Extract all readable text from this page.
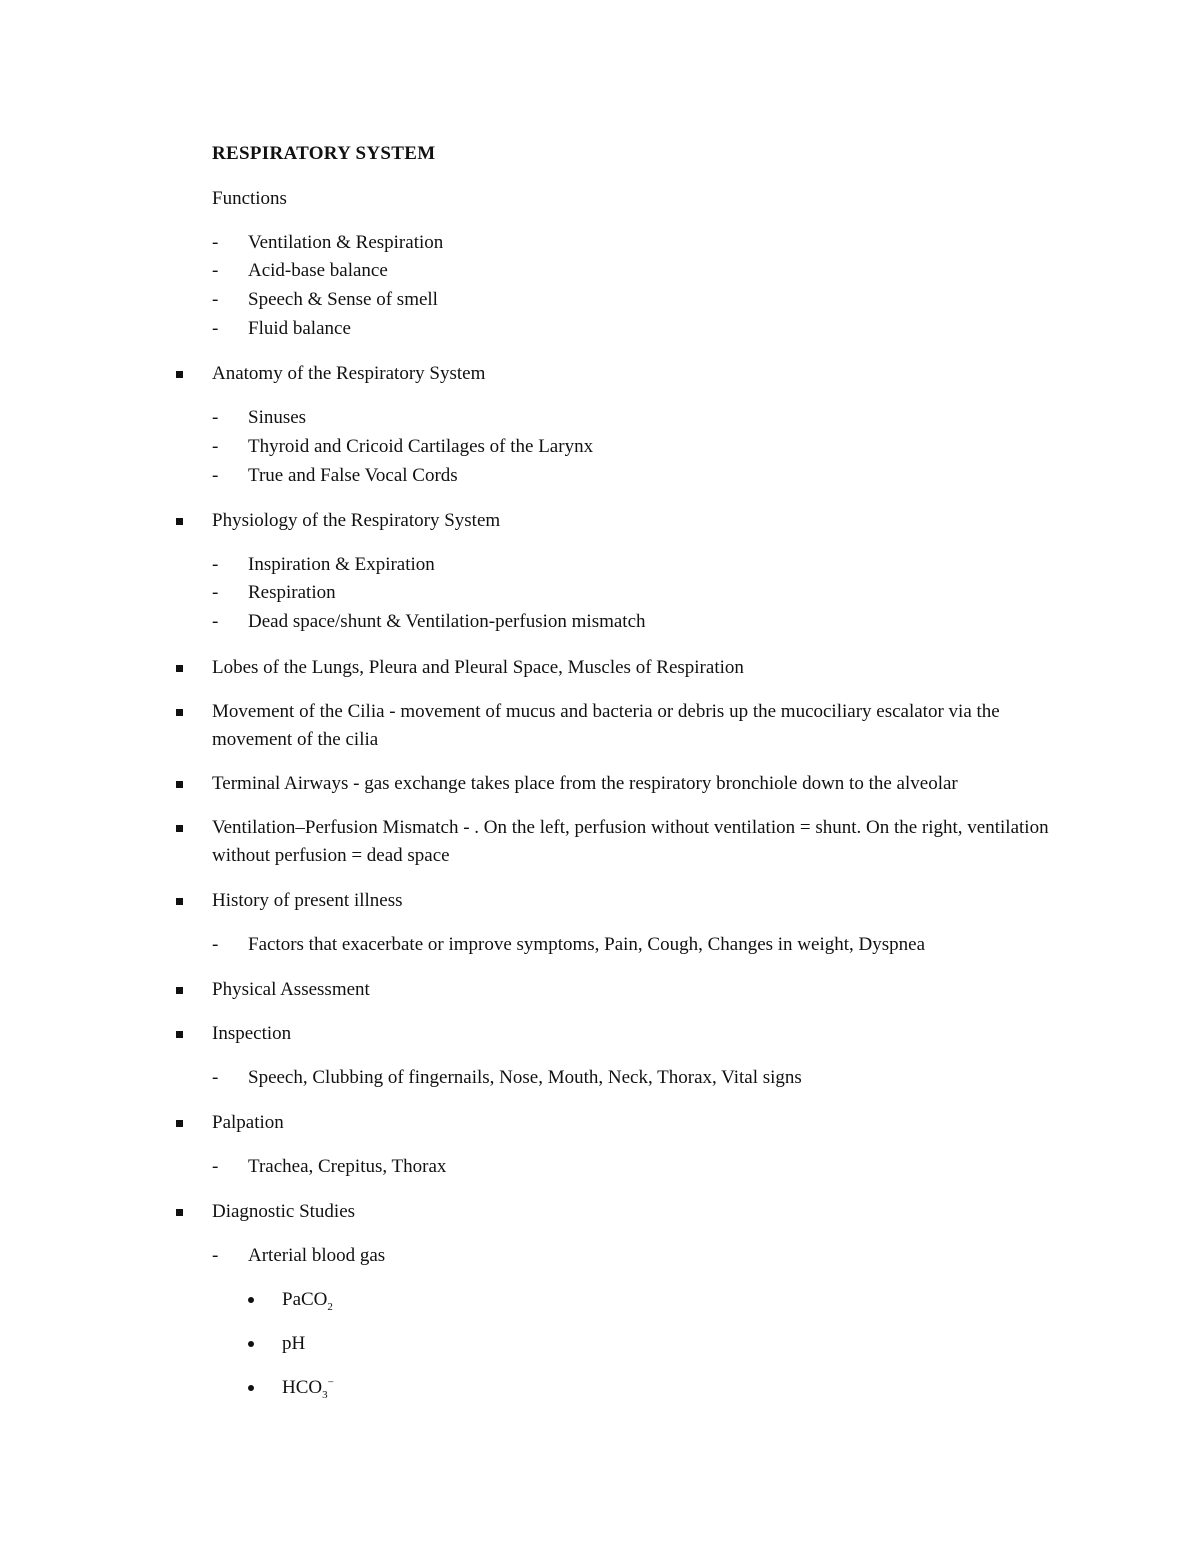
RESPIRATORY SYSTEM
Functions
- Ventilation & Respiration
- Acid-base balance
- Speech & Sense of smell
- Fluid balance
Anatomy of the Respiratory System
- Sinuses
- Thyroid and Cricoid Cartilages of the Larynx
- True and False Vocal Cords
Physiology of the Respiratory System
- Inspiration & Expiration
- Respiration
- Dead space/shunt & Ventilation-perfusion mismatch
Lobes of the Lungs, Pleura and Pleural Space, Muscles of Respiration
Movement of the Cilia - movement of mucus and bacteria or debris up the mucociliary escalator via the movement of the cilia
Terminal Airways - gas exchange takes place from the respiratory bronchiole down to the alveolar
Ventilation–Perfusion Mismatch - . On the left, perfusion without ventilation = shunt. On the right, ventilation without perfusion = dead space
History of present illness
- Factors that exacerbate or improve symptoms, Pain, Cough, Changes in weight, Dyspnea
Physical Assessment
Inspection
- Speech, Clubbing of fingernails, Nose, Mouth, Neck, Thorax, Vital signs
Palpation
- Trachea, Crepitus, Thorax
Diagnostic Studies
- Arterial blood gas
PaCO$_2$
pH
$HCO_3^-$
